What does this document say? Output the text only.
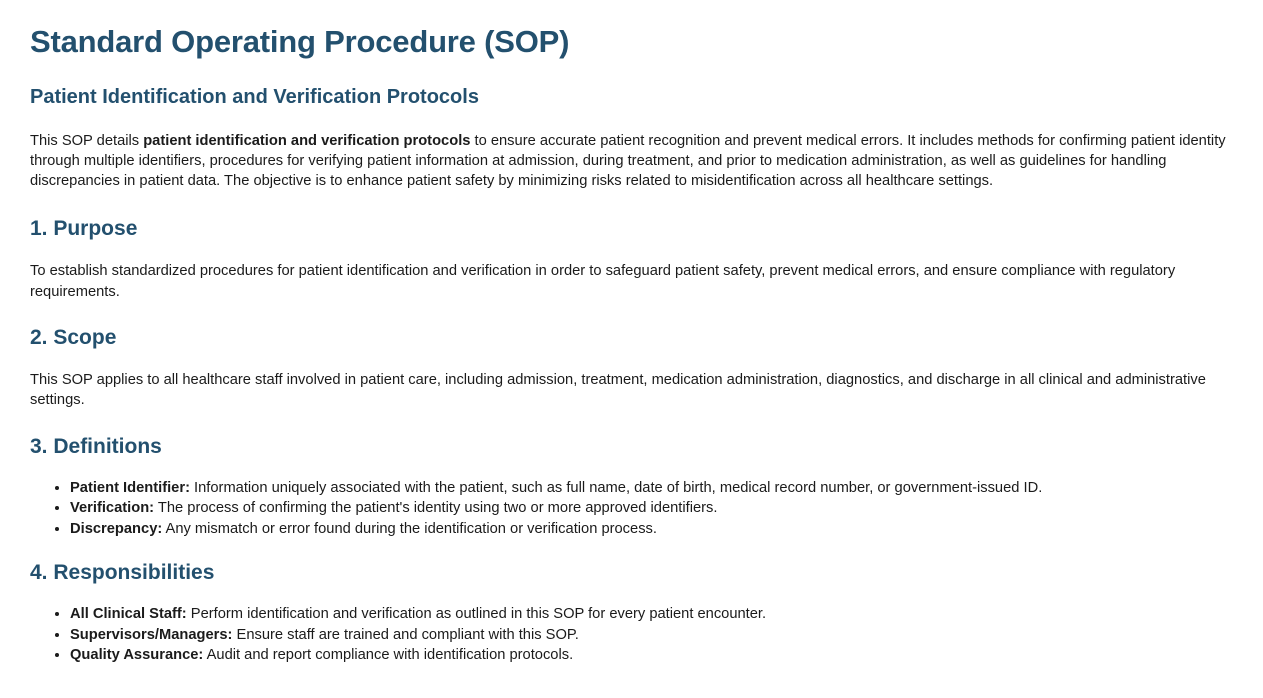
Standard Operating Procedure (SOP)
Patient Identification and Verification Protocols

This SOP details patient identification and verification protocols to ensure accurate patient recognition and prevent medical errors. It includes methods for confirming patient identity through multiple identifiers, procedures for verifying patient information at admission, during treatment, and prior to medication administration, as well as guidelines for handling discrepancies in patient data. The objective is to enhance patient safety by minimizing risks related to misidentification across all healthcare settings.

1. Purpose

To establish standardized procedures for patient identification and verification in order to safeguard patient safety, prevent medical errors, and ensure compliance with regulatory requirements.

2. Scope

This SOP applies to all healthcare staff involved in patient care, including admission, treatment, medication administration, diagnostics, and discharge in all clinical and administrative settings.

3. Definitions
• Patient Identifier: Information uniquely associated with the patient, such as full name, date of birth, medical record number, or government-issued ID.
• Verification: The process of confirming the patient's identity using two or more approved identifiers.
• Discrepancy: Any mismatch or error found during the identification or verification process.
4. Responsibilities
• All Clinical Staff: Perform identification and verification as outlined in this SOP for every patient encounter.
• Supervisors/Managers: Ensure staff are trained and compliant with this SOP.
• Quality Assurance: Audit and report compliance with identification protocols.
